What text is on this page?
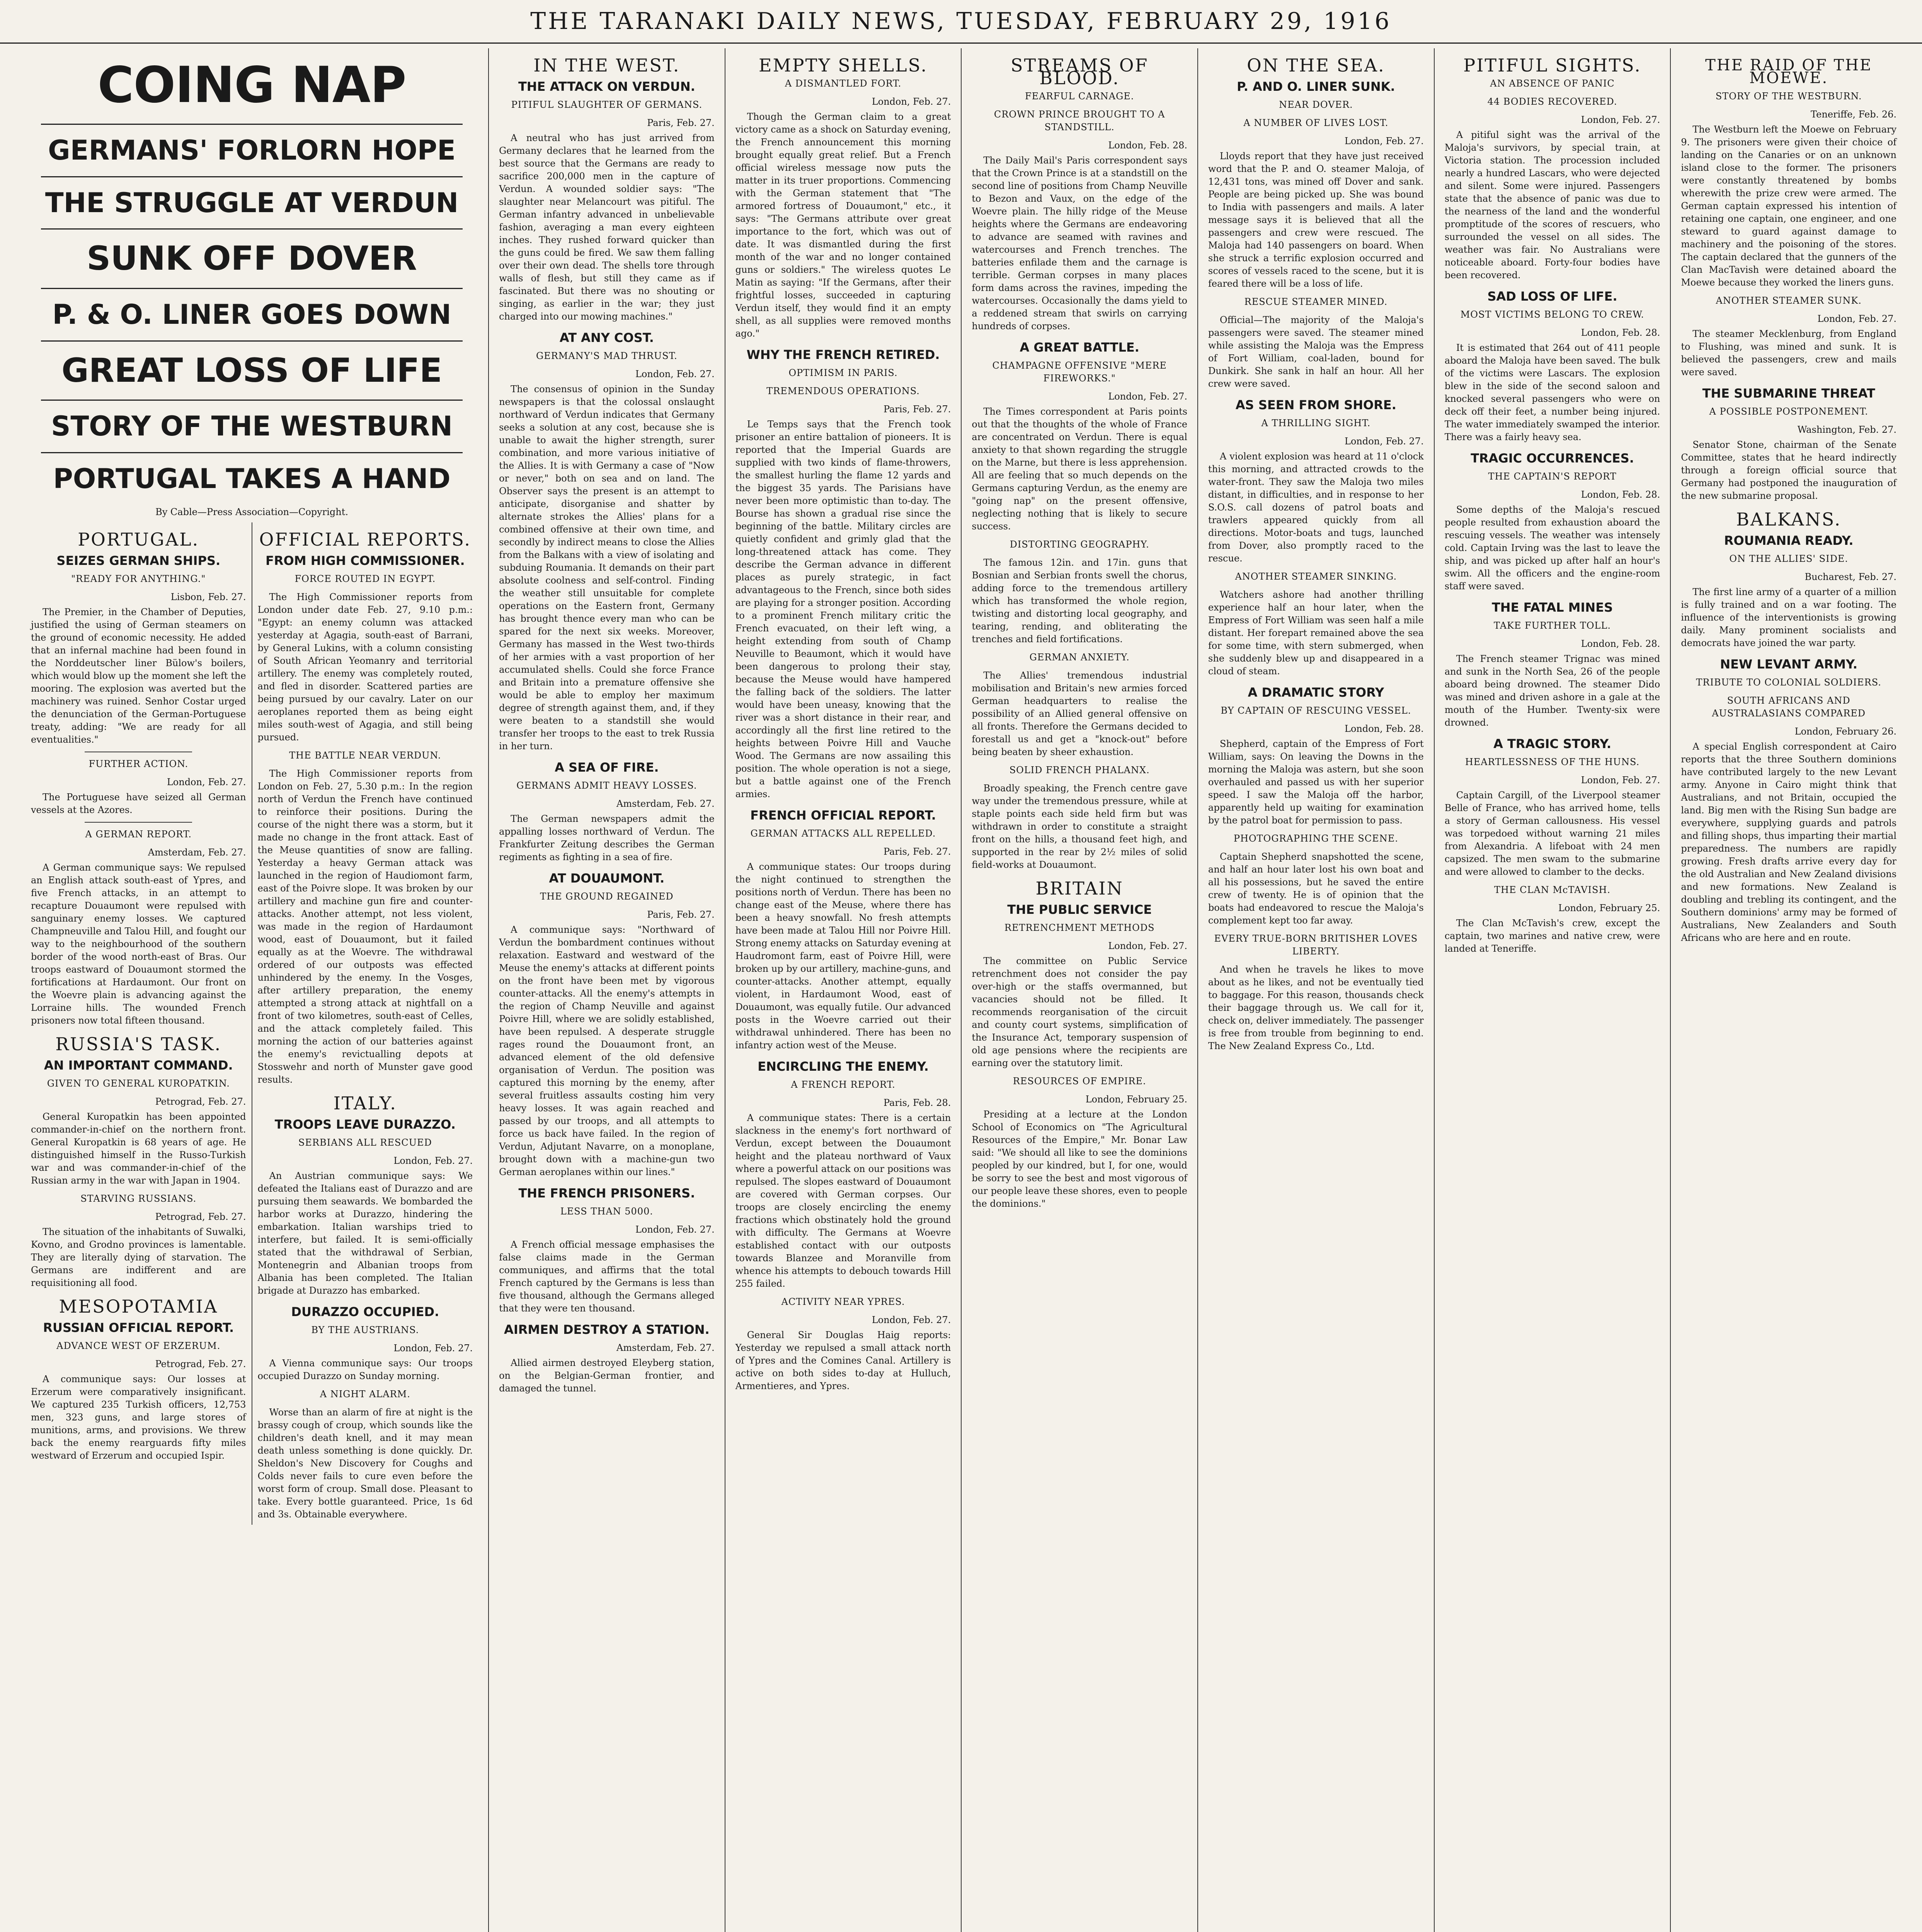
THE TARANAKI DAILY NEWS, TUESDAY, FEBRUARY 29, 1916
COING NAP
GERMANS' FORLORN HOPE
THE STRUGGLE AT VERDUN
SUNK OFF DOVER
P. & O. LINER GOES DOWN
GREAT LOSS OF LIFE
STORY OF THE WESTBURN
PORTUGAL TAKES A HAND
By Cable—Press Association—Copyright.
PORTUGAL.
SEIZES GERMAN SHIPS.
"READY FOR ANYTHING."
Lisbon, Feb. 27.

The Premier, in the Chamber of Deputies, justified the using of German steamers on the ground of economic necessity. He added that an infernal machine had been found in the Norddeutscher liner Bülow's boilers, which would blow up the moment she left the mooring. The explosion was averted but the machinery was ruined. Senhor Costar urged the denunciation of the German-Portuguese treaty, adding: "We are ready for all eventualities."

FURTHER ACTION.
London, Feb. 27.

The Portuguese have seized all German vessels at the Azores.

A GERMAN REPORT.
Amsterdam, Feb. 27.

A German communique says: We repulsed an English attack south-east of Ypres, and five French attacks, in an attempt to recapture Douaumont were repulsed with sanguinary enemy losses. We captured Champneuville and Talou Hill, and fought our way to the neighbourhood of the southern border of the wood north-east of Bras. Our troops eastward of Douaumont stormed the fortifications at Hardaumont. Our front on the Woevre plain is advancing against the Lorraine hills. The wounded French prisoners now total fifteen thousand.

RUSSIA'S TASK.
AN IMPORTANT COMMAND.
GIVEN TO GENERAL KUROPATKIN.
Petrograd, Feb. 27.

General Kuropatkin has been appointed commander-in-chief on the northern front. General Kuropatkin is 68 years of age. He distinguished himself in the Russo-Turkish war and was commander-in-chief of the Russian army in the war with Japan in 1904.

STARVING RUSSIANS.
Petrograd, Feb. 27.

The situation of the inhabitants of Suwalki, Kovno, and Grodno provinces is lamentable. They are literally dying of starvation. The Germans are indifferent and are requisitioning all food.

MESOPOTAMIA
RUSSIAN OFFICIAL REPORT.
ADVANCE WEST OF ERZERUM.
Petrograd, Feb. 27.

A communique says: Our losses at Erzerum were comparatively insignificant. We captured 235 Turkish officers, 12,753 men, 323 guns, and large stores of munitions, arms, and provisions. We threw back the enemy rearguards fifty miles westward of Erzerum and occupied Ispir.

OFFICIAL REPORTS.
FROM HIGH COMMISSIONER.
FORCE ROUTED IN EGYPT.

The High Commissioner reports from London under date Feb. 27, 9.10 p.m.: "Egypt: an enemy column was attacked yesterday at Agagia, south-east of Barrani, by General Lukins, with a column consisting of South African Yeomanry and territorial artillery. The enemy was completely routed, and fled in disorder. Scattered parties are being pursued by our cavalry. Later on our aeroplanes reported them as being eight miles south-west of Agagia, and still being pursued.

THE BATTLE NEAR VERDUN.

The High Commissioner reports from London on Feb. 27, 5.30 p.m.: In the region north of Verdun the French have continued to reinforce their positions. During the course of the night there was a storm, but it made no change in the front attack. East of the Meuse quantities of snow are falling. Yesterday a heavy German attack was launched in the region of Haudiomont farm, east of the Poivre slope. It was broken by our artillery and machine gun fire and counter-attacks. Another attempt, not less violent, was made in the region of Hardaumont wood, east of Douaumont, but it failed equally as at the Woevre. The withdrawal ordered of our outposts was effected unhindered by the enemy. In the Vosges, after artillery preparation, the enemy attempted a strong attack at nightfall on a front of two kilometres, south-east of Celles, and the attack completely failed. This morning the action of our batteries against the enemy's revictualling depots at Stosswehr and north of Munster gave good results.

ITALY.
TROOPS LEAVE DURAZZO.
SERBIANS ALL RESCUED
London, Feb. 27.

An Austrian communique says: We defeated the Italians east of Durazzo and are pursuing them seawards. We bombarded the harbor works at Durazzo, hindering the embarkation. Italian warships tried to interfere, but failed. It is semi-officially stated that the withdrawal of Serbian, Montenegrin and Albanian troops from Albania has been completed. The Italian brigade at Durazzo has embarked.

DURAZZO OCCUPIED.
BY THE AUSTRIANS.
London, Feb. 27.

A Vienna communique says: Our troops occupied Durazzo on Sunday morning.

A NIGHT ALARM.

Worse than an alarm of fire at night is the brassy cough of croup, which sounds like the children's death knell, and it may mean death unless something is done quickly. Dr. Sheldon's New Discovery for Coughs and Colds never fails to cure even before the worst form of croup. Small dose. Pleasant to take. Every bottle guaranteed. Price, 1s 6d and 3s. Obtainable everywhere.

IN THE WEST.
THE ATTACK ON VERDUN.
PITIFUL SLAUGHTER OF GERMANS.
Paris, Feb. 27.

A neutral who has just arrived from Germany declares that he learned from the best source that the Germans are ready to sacrifice 200,000 men in the capture of Verdun. A wounded soldier says: "The slaughter near Melancourt was pitiful. The German infantry advanced in unbelievable fashion, averaging a man every eighteen inches. They rushed forward quicker than the guns could be fired. We saw them falling over their own dead. The shells tore through walls of flesh, but still they came as if fascinated. But there was no shouting or singing, as earlier in the war; they just charged into our mowing machines."

AT ANY COST.
GERMANY'S MAD THRUST.
London, Feb. 27.

The consensus of opinion in the Sunday newspapers is that the colossal onslaught northward of Verdun indicates that Germany seeks a solution at any cost, because she is unable to await the higher strength, surer combination, and more various initiative of the Allies. It is with Germany a case of "Now or never," both on sea and on land. The Observer says the present is an attempt to anticipate, disorganise and shatter by alternate strokes the Allies' plans for a combined offensive at their own time, and secondly by indirect means to close the Allies from the Balkans with a view of isolating and subduing Roumania. It demands on their part absolute coolness and self-control. Finding the weather still unsuitable for complete operations on the Eastern front, Germany has brought thence every man who can be spared for the next six weeks. Moreover, Germany has massed in the West two-thirds of her armies with a vast proportion of her accumulated shells. Could she force France and Britain into a premature offensive she would be able to employ her maximum degree of strength against them, and, if they were beaten to a standstill she would transfer her troops to the east to trek Russia in her turn.

A SEA OF FIRE.
GERMANS ADMIT HEAVY LOSSES.
Amsterdam, Feb. 27.

The German newspapers admit the appalling losses northward of Verdun. The Frankfurter Zeitung describes the German regiments as fighting in a sea of fire.

AT DOUAUMONT.
THE GROUND REGAINED
Paris, Feb. 27.

A communique says: "Northward of Verdun the bombardment continues without relaxation. Eastward and westward of the Meuse the enemy's attacks at different points on the front have been met by vigorous counter-attacks. All the enemy's attempts in the region of Champ Neuville and against Poivre Hill, where we are solidly established, have been repulsed. A desperate struggle rages round the Douaumont front, an advanced element of the old defensive organisation of Verdun. The position was captured this morning by the enemy, after several fruitless assaults costing him very heavy losses. It was again reached and passed by our troops, and all attempts to force us back have failed. In the region of Verdun, Adjutant Navarre, on a monoplane, brought down with a machine-gun two German aeroplanes within our lines."

THE FRENCH PRISONERS.
LESS THAN 5000.
London, Feb. 27.

A French official message emphasises the false claims made in the German communiques, and affirms that the total French captured by the Germans is less than five thousand, although the Germans alleged that they were ten thousand.

AIRMEN DESTROY A STATION.
Amsterdam, Feb. 27.

Allied airmen destroyed Eleyberg station, on the Belgian-German frontier, and damaged the tunnel.

EMPTY SHELLS.
A DISMANTLED FORT.
London, Feb. 27.

Though the German claim to a great victory came as a shock on Saturday evening, the French announcement this morning brought equally great relief. But a French official wireless message now puts the matter in its truer proportions. Commencing with the German statement that "The armored fortress of Douaumont," etc., it says: "The Germans attribute over great importance to the fort, which was out of date. It was dismantled during the first month of the war and no longer contained guns or soldiers." The wireless quotes Le Matin as saying: "If the Germans, after their frightful losses, succeeded in capturing Verdun itself, they would find it an empty shell, as all supplies were removed months ago."

WHY THE FRENCH RETIRED.
OPTIMISM IN PARIS.
TREMENDOUS OPERATIONS.
Paris, Feb. 27.

Le Temps says that the French took prisoner an entire battalion of pioneers. It is reported that the Imperial Guards are supplied with two kinds of flame-throwers, the smallest hurling the flame 12 yards and the biggest 35 yards. The Parisians have never been more optimistic than to-day. The Bourse has shown a gradual rise since the beginning of the battle. Military circles are quietly confident and grimly glad that the long-threatened attack has come. They describe the German advance in different places as purely strategic, in fact advantageous to the French, since both sides are playing for a stronger position. According to a prominent French military critic the French evacuated, on their left wing, a height extending from south of Champ Neuville to Beaumont, which it would have been dangerous to prolong their stay, because the Meuse would have hampered the falling back of the soldiers. The latter would have been uneasy, knowing that the river was a short distance in their rear, and accordingly all the first line retired to the heights between Poivre Hill and Vauche Wood. The Germans are now assailing this position. The whole operation is not a siege, but a battle against one of the French armies.

FRENCH OFFICIAL REPORT.
GERMAN ATTACKS ALL REPELLED.
Paris, Feb. 27.

A communique states: Our troops during the night continued to strengthen the positions north of Verdun. There has been no change east of the Meuse, where there has been a heavy snowfall. No fresh attempts have been made at Talou Hill nor Poivre Hill. Strong enemy attacks on Saturday evening at Haudromont farm, east of Poivre Hill, were broken up by our artillery, machine-guns, and counter-attacks. Another attempt, equally violent, in Hardaumont Wood, east of Douaumont, was equally futile. Our advanced posts in the Woevre carried out their withdrawal unhindered. There has been no infantry action west of the Meuse.

ENCIRCLING THE ENEMY.
A FRENCH REPORT.
Paris, Feb. 28.

A communique states: There is a certain slackness in the enemy's fort northward of Verdun, except between the Douaumont height and the plateau northward of Vaux where a powerful attack on our positions was repulsed. The slopes eastward of Douaumont are covered with German corpses. Our troops are closely encircling the enemy fractions which obstinately hold the ground with difficulty. The Germans at Woevre established contact with our outposts towards Blanzee and Moranville from whence his attempts to debouch towards Hill 255 failed.

ACTIVITY NEAR YPRES.
London, Feb. 27.

General Sir Douglas Haig reports: Yesterday we repulsed a small attack north of Ypres and the Comines Canal. Artillery is active on both sides to-day at Hulluch, Armentieres, and Ypres.

STREAMS OF BLOOD.
FEARFUL CARNAGE.
CROWN PRINCE BROUGHT TO A STANDSTILL.
London, Feb. 28.

The Daily Mail's Paris correspondent says that the Crown Prince is at a standstill on the second line of positions from Champ Neuville to Bezon and Vaux, on the edge of the Woevre plain. The hilly ridge of the Meuse heights where the Germans are endeavoring to advance are seamed with ravines and watercourses and French trenches. The batteries enfilade them and the carnage is terrible. German corpses in many places form dams across the ravines, impeding the watercourses. Occasionally the dams yield to a reddened stream that swirls on carrying hundreds of corpses.

A GREAT BATTLE.
CHAMPAGNE OFFENSIVE "MERE FIREWORKS."
London, Feb. 27.

The Times correspondent at Paris points out that the thoughts of the whole of France are concentrated on Verdun. There is equal anxiety to that shown regarding the struggle on the Marne, but there is less apprehension. All are feeling that so much depends on the Germans capturing Verdun, as the enemy are "going nap" on the present offensive, neglecting nothing that is likely to secure success.

DISTORTING GEOGRAPHY.

The famous 12in. and 17in. guns that Bosnian and Serbian fronts swell the chorus, adding force to the tremendous artillery which has transformed the whole region, twisting and distorting local geography, and tearing, rending, and obliterating the trenches and field fortifications.

GERMAN ANXIETY.

The Allies' tremendous industrial mobilisation and Britain's new armies forced German headquarters to realise the possibility of an Allied general offensive on all fronts. Therefore the Germans decided to forestall us and get a "knock-out" before being beaten by sheer exhaustion.

SOLID FRENCH PHALANX.

Broadly speaking, the French centre gave way under the tremendous pressure, while at staple points each side held firm but was withdrawn in order to constitute a straight front on the hills, a thousand feet high, and supported in the rear by 2½ miles of solid field-works at Douaumont.

BRITAIN
THE PUBLIC SERVICE
RETRENCHMENT METHODS
London, Feb. 27.

The committee on Public Service retrenchment does not consider the pay over-high or the staffs overmanned, but vacancies should not be filled. It recommends reorganisation of the circuit and county court systems, simplification of the Insurance Act, temporary suspension of old age pensions where the recipients are earning over the statutory limit.

RESOURCES OF EMPIRE.
London, February 25.

Presiding at a lecture at the London School of Economics on "The Agricultural Resources of the Empire," Mr. Bonar Law said: "We should all like to see the dominions peopled by our kindred, but I, for one, would be sorry to see the best and most vigorous of our people leave these shores, even to people the dominions."

ON THE SEA.
P. AND O. LINER SUNK.
NEAR DOVER.
A NUMBER OF LIVES LOST.
London, Feb. 27.

Lloyds report that they have just received word that the P. and O. steamer Maloja, of 12,431 tons, was mined off Dover and sank. People are being picked up. She was bound to India with passengers and mails. A later message says it is believed that all the passengers and crew were rescued. The Maloja had 140 passengers on board. When she struck a terrific explosion occurred and scores of vessels raced to the scene, but it is feared there will be a loss of life.

RESCUE STEAMER MINED.

Official—The majority of the Maloja's passengers were saved. The steamer mined while assisting the Maloja was the Empress of Fort William, coal-laden, bound for Dunkirk. She sank in half an hour. All her crew were saved.

AS SEEN FROM SHORE.
A THRILLING SIGHT.
London, Feb. 27.

A violent explosion was heard at 11 o'clock this morning, and attracted crowds to the water-front. They saw the Maloja two miles distant, in difficulties, and in response to her S.O.S. call dozens of patrol boats and trawlers appeared quickly from all directions. Motor-boats and tugs, launched from Dover, also promptly raced to the rescue.

ANOTHER STEAMER SINKING.

Watchers ashore had another thrilling experience half an hour later, when the Empress of Fort William was seen half a mile distant. Her forepart remained above the sea for some time, with stern submerged, when she suddenly blew up and disappeared in a cloud of steam.

A DRAMATIC STORY
BY CAPTAIN OF RESCUING VESSEL.
London, Feb. 28.

Shepherd, captain of the Empress of Fort William, says: On leaving the Downs in the morning the Maloja was astern, but she soon overhauled and passed us with her superior speed. I saw the Maloja off the harbor, apparently held up waiting for examination by the patrol boat for permission to pass.

PHOTOGRAPHING THE SCENE.

Captain Shepherd snapshotted the scene, and half an hour later lost his own boat and all his possessions, but he saved the entire crew of twenty. He is of opinion that the boats had endeavored to rescue the Maloja's complement kept too far away.

EVERY TRUE-BORN BRITISHER LOVES LIBERTY.

And when he travels he likes to move about as he likes, and not be eventually tied to baggage. For this reason, thousands check their baggage through us. We call for it, check on, deliver immediately. The passenger is free from trouble from beginning to end. The New Zealand Express Co., Ltd.

PITIFUL SIGHTS.
AN ABSENCE OF PANIC
44 BODIES RECOVERED.
London, Feb. 27.

A pitiful sight was the arrival of the Maloja's survivors, by special train, at Victoria station. The procession included nearly a hundred Lascars, who were dejected and silent. Some were injured. Passengers state that the absence of panic was due to the nearness of the land and the wonderful promptitude of the scores of rescuers, who surrounded the vessel on all sides. The weather was fair. No Australians were noticeable aboard. Forty-four bodies have been recovered.

SAD LOSS OF LIFE.
MOST VICTIMS BELONG TO CREW.
London, Feb. 28.

It is estimated that 264 out of 411 people aboard the Maloja have been saved. The bulk of the victims were Lascars. The explosion blew in the side of the second saloon and knocked several passengers who were on deck off their feet, a number being injured. The water immediately swamped the interior. There was a fairly heavy sea.

TRAGIC OCCURRENCES.
THE CAPTAIN'S REPORT
London, Feb. 28.

Some depths of the Maloja's rescued people resulted from exhaustion aboard the rescuing vessels. The weather was intensely cold. Captain Irving was the last to leave the ship, and was picked up after half an hour's swim. All the officers and the engine-room staff were saved.

THE FATAL MINES
TAKE FURTHER TOLL.
London, Feb. 28.

The French steamer Trignac was mined and sunk in the North Sea, 26 of the people aboard being drowned. The steamer Dido was mined and driven ashore in a gale at the mouth of the Humber. Twenty-six were drowned.

A TRAGIC STORY.
HEARTLESSNESS OF THE HUNS.
London, Feb. 27.

Captain Cargill, of the Liverpool steamer Belle of France, who has arrived home, tells a story of German callousness. His vessel was torpedoed without warning 21 miles from Alexandria. A lifeboat with 24 men capsized. The men swam to the submarine and were allowed to clamber to the decks.

THE CLAN McTAVISH.
London, February 25.

The Clan McTavish's crew, except the captain, two marines and native crew, were landed at Teneriffe.

THE RAID OF THE MOEWE.
STORY OF THE WESTBURN.
Teneriffe, Feb. 26.

The Westburn left the Moewe on February 9. The prisoners were given their choice of landing on the Canaries or on an unknown island close to the former. The prisoners were constantly threatened by bombs wherewith the prize crew were armed. The German captain expressed his intention of retaining one captain, one engineer, and one steward to guard against damage to machinery and the poisoning of the stores. The captain declared that the gunners of the Clan MacTavish were detained aboard the Moewe because they worked the liners guns.

ANOTHER STEAMER SUNK.
London, Feb. 27.

The steamer Mecklenburg, from England to Flushing, was mined and sunk. It is believed the passengers, crew and mails were saved.

THE SUBMARINE THREAT
A POSSIBLE POSTPONEMENT.
Washington, Feb. 27.

Senator Stone, chairman of the Senate Committee, states that he heard indirectly through a foreign official source that Germany had postponed the inauguration of the new submarine proposal.

BALKANS.
ROUMANIA READY.
ON THE ALLIES' SIDE.
Bucharest, Feb. 27.

The first line army of a quarter of a million is fully trained and on a war footing. The influence of the interventionists is growing daily. Many prominent socialists and democrats have joined the war party.

NEW LEVANT ARMY.
TRIBUTE TO COLONIAL SOLDIERS.
SOUTH AFRICANS AND AUSTRALASIANS COMPARED
London, February 26.

A special English correspondent at Cairo reports that the three Southern dominions have contributed largely to the new Levant army. Anyone in Cairo might think that Australians, and not Britain, occupied the land. Big men with the Rising Sun badge are everywhere, supplying guards and patrols and filling shops, thus imparting their martial preparedness. The numbers are rapidly growing. Fresh drafts arrive every day for the old Australian and New Zealand divisions and new formations. New Zealand is doubling and trebling its contingent, and the Southern dominions' army may be formed of Australians, New Zealanders and South Africans who are here and en route.
